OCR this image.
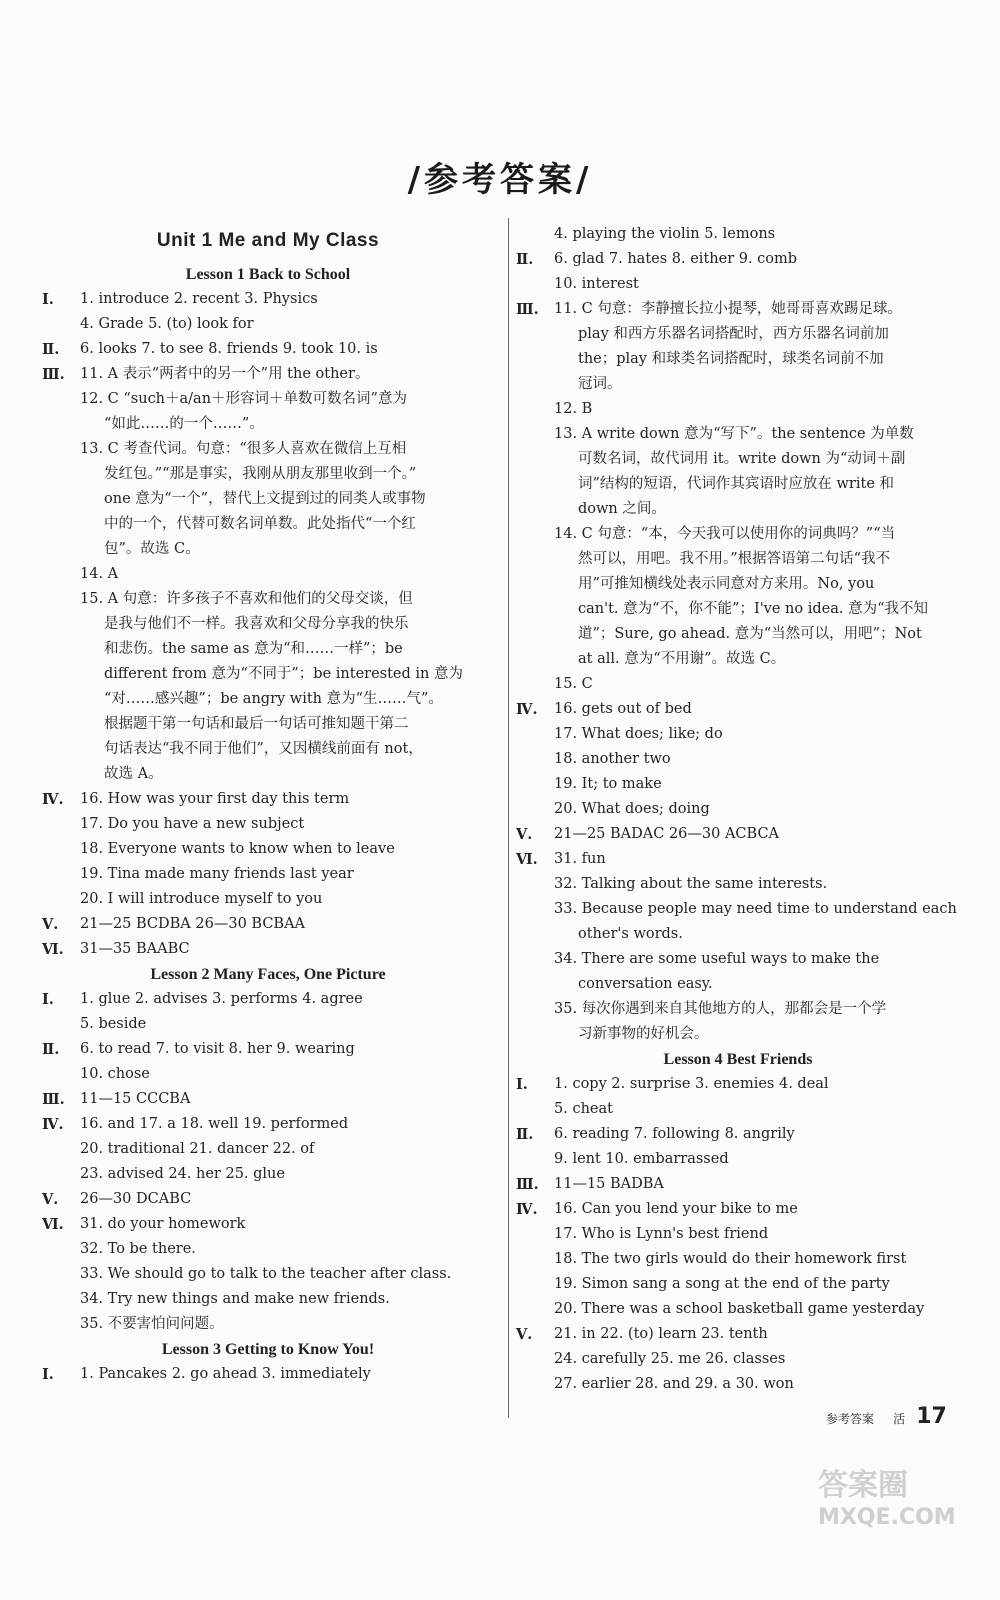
/参考答案/
Unit 1 Me and My Class
Lesson 1 Back to School
Ⅰ. 1. introduce 2. recent 3. Physics
4. Grade 5. (to) look for
Ⅱ. 6. looks 7. to see 8. friends 9. took 10. is
Ⅲ. 11. A 表示“两者中的另一个”用 the other。
12. C “such＋a/an＋形容词＋单数可数名词”意为
“如此……的一个……”。
13. C 考查代词。句意：“很多人喜欢在微信上互相
发红包。”“那是事实，我刚从朋友那里收到一个。”
one 意为“一个”，替代上文提到过的同类人或事物
中的一个，代替可数名词单数。此处指代“一个红
包”。故选 C。
14. A
15. A 句意：许多孩子不喜欢和他们的父母交谈，但
是我与他们不一样。我喜欢和父母分享我的快乐
和悲伤。the same as 意为“和……一样”；be
different from 意为“不同于”；be interested in 意为
“对……感兴趣”；be angry with 意为“生……气”。
根据题干第一句话和最后一句话可推知题干第二
句话表达“我不同于他们”，又因横线前面有 not，
故选 A。
Ⅳ. 16. How was your first day this term
17. Do you have a new subject
18. Everyone wants to know when to leave
19. Tina made many friends last year
20. I will introduce myself to you
Ⅴ. 21—25 BCDBA 26—30 BCBAA
Ⅵ. 31—35 BAABC
Lesson 2 Many Faces, One Picture
Ⅰ. 1. glue 2. advises 3. performs 4. agree
5. beside
Ⅱ. 6. to read 7. to visit 8. her 9. wearing
10. chose
Ⅲ. 11—15 CCCBA
Ⅳ. 16. and 17. a 18. well 19. performed
20. traditional 21. dancer 22. of
23. advised 24. her 25. glue
Ⅴ. 26—30 DCABC
Ⅵ. 31. do your homework
32. To be there.
33. We should go to talk to the teacher after class.
34. Try new things and make new friends.
35. 不要害怕问问题。
Lesson 3 Getting to Know You!
Ⅰ. 1. Pancakes 2. go ahead 3. immediately
4. playing the violin 5. lemons
Ⅱ. 6. glad 7. hates 8. either 9. comb
10. interest
Ⅲ. 11. C 句意：李静擅长拉小提琴，她哥哥喜欢踢足球。
play 和西方乐器名词搭配时，西方乐器名词前加
the；play 和球类名词搭配时，球类名词前不加
冠词。
12. B
13. A write down 意为“写下”。the sentence 为单数
可数名词，故代词用 it。write down 为“动词＋副
词”结构的短语，代词作其宾语时应放在 write 和
down 之间。
14. C 句意：“本，今天我可以使用你的词典吗？”“当
然可以，用吧。我不用。”根据答语第二句话“我不
用”可推知横线处表示同意对方来用。No, you
can't. 意为“不，你不能”；I've no idea. 意为“我不知
道”；Sure, go ahead. 意为“当然可以，用吧”；Not
at all. 意为“不用谢”。故选 C。
15. C
Ⅳ. 16. gets out of bed
17. What does; like; do
18. another two
19. It; to make
20. What does; doing
Ⅴ. 21—25 BADAC 26—30 ACBCA
Ⅵ. 31. fun
32. Talking about the same interests.
33. Because people may need time to understand each
other's words.
34. There are some useful ways to make the
conversation easy.
35. 每次你遇到来自其他地方的人，那都会是一个学
习新事物的好机会。
Lesson 4 Best Friends
Ⅰ. 1. copy 2. surprise 3. enemies 4. deal
5. cheat
Ⅱ. 6. reading 7. following 8. angrily
9. lent 10. embarrassed
Ⅲ. 11—15 BADBA
Ⅳ. 16. Can you lend your bike to me
17. Who is Lynn's best friend
18. The two girls would do their homework first
19. Simon sang a song at the end of the party
20. There was a school basketball game yesterday
Ⅴ. 21. in 22. (to) learn 23. tenth
24. carefully 25. me 26. classes
27. earlier 28. and 29. a 30. won
参考答案 活 17
答案圈
MXQE.COM
